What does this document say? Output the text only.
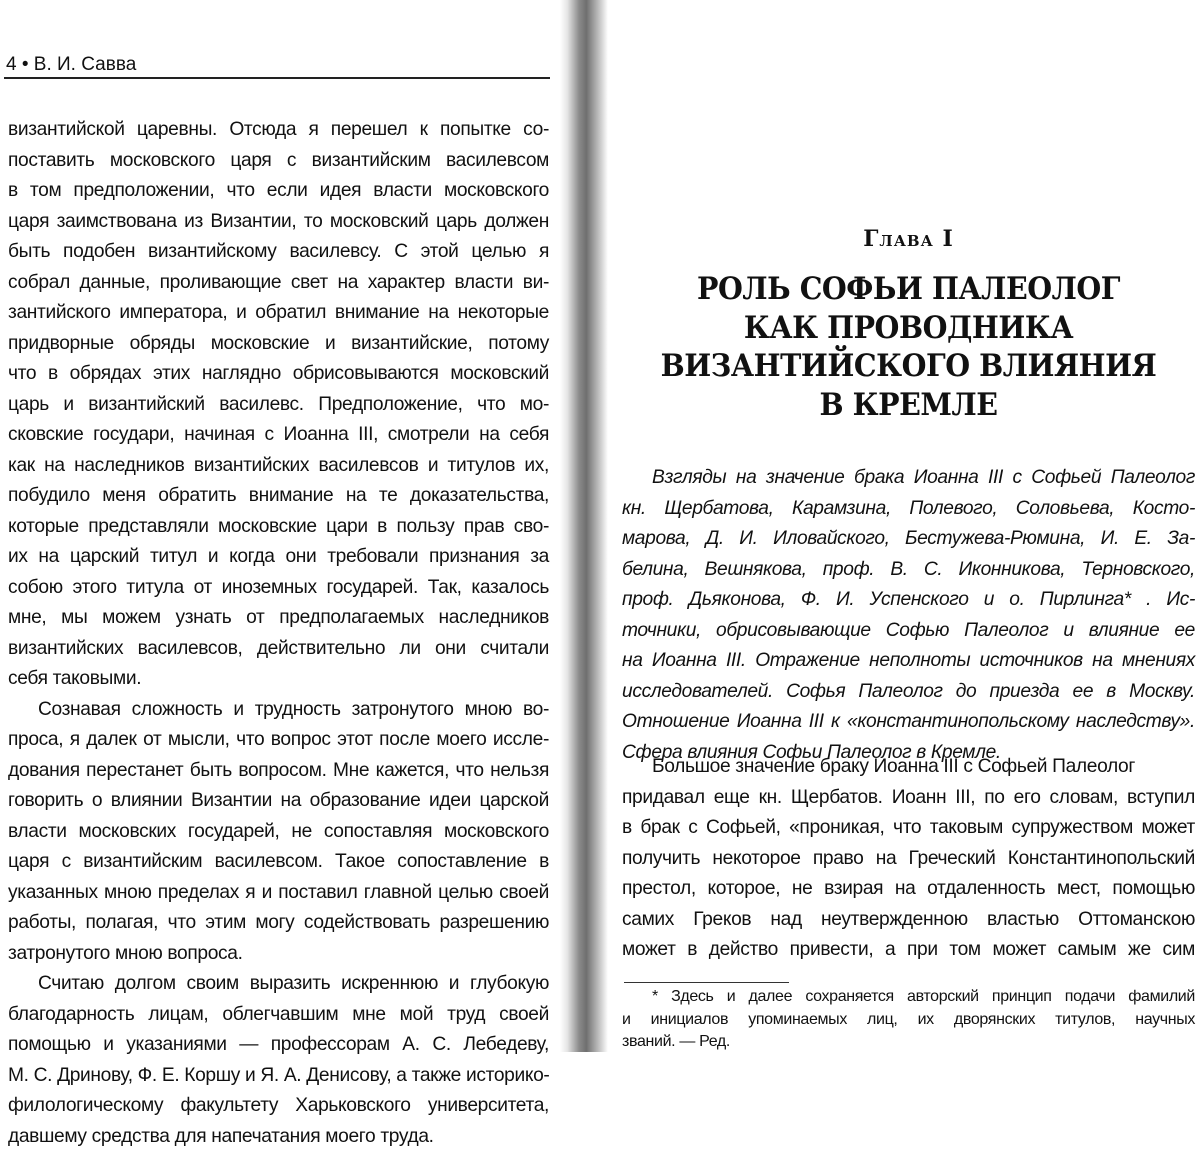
4 • В. И. Савва
византийской царевны. Отсюда я перешел к попытке со-
поставить московского царя с византийским василевсом
в том предположении, что если идея власти московского
царя заимствована из Византии, то московский царь должен
быть подобен византийскому василевсу. С этой целью я
собрал данные, проливающие свет на характер власти ви-
зантийского императора, и обратил внимание на некоторые
придворные обряды московские и византийские, потому
что в обрядах этих наглядно обрисовываются московский
царь и византийский василевс. Предположение, что мо-
сковские государи, начиная с Иоанна III, смотрели на себя
как на наследников византийских василевсов и титулов их,
побудило меня обратить внимание на те доказательства,
которые представляли московские цари в пользу прав сво-
их на царский титул и когда они требовали признания за
собою этого титула от иноземных государей. Так, казалось
мне, мы можем узнать от предполагаемых наследников
византийских василевсов, действительно ли они считали
себя таковыми.
Сознавая сложность и трудность затронутого мною во-
проса, я далек от мысли, что вопрос этот после моего иссле-
дования перестанет быть вопросом. Мне кажется, что нельзя
говорить о влиянии Византии на образование идеи царской
власти московских государей, не сопоставляя московского
царя с византийским василевсом. Такое сопоставление в
указанных мною пределах я и поставил главной целью своей
работы, полагая, что этим могу содействовать разрешению
затронутого мною вопроса.
Считаю долгом своим выразить искреннюю и глубокую
благодарность лицам, облегчавшим мне мой труд своей
помощью и указаниями — профессорам А. С. Лебедеву,
М. С. Дринову, Ф. Е. Коршу и Я. А. Денисову, а также историко-
филологическому факультету Харьковского университета,
давшему средства для напечатания моего труда.
Глава I
РОЛЬ СОФЬИ ПАЛЕОЛОГ
КАК ПРОВОДНИКА
ВИЗАНТИЙСКОГО ВЛИЯНИЯ
В КРЕМЛЕ
Взгляды на значение брака Иоанна III с Софьей Палеолог
кн. Щербатова, Карамзина, Полевого, Соловьева, Косто-
марова, Д. И. Иловайского, Бестужева-Рюмина, И. Е. За-
белина, Вешнякова, проф. В. С. Иконникова, Терновского,
проф. Дьяконова, Ф. И. Успенского и о. Пирлинга* . Ис-
точники, обрисовывающие Софью Палеолог и влияние ее
на Иоанна III. Отражение неполноты источников на мнениях
исследователей. Софья Палеолог до приезда ее в Москву.
Отношение Иоанна III к «константинопольскому наследству».
Сфера влияния Софьи Палеолог в Кремле.
Большое значение браку Иоанна III с Софьей Палеолог
придавал еще кн. Щербатов. Иоанн III, по его словам, вступил
в брак с Софьей, «проникая, что таковым супружеством может
получить некоторое право на Греческий Константинопольский
престол, которое, не взирая на отдаленность мест, помощью
самих Греков над неутвержденною властью Оттоманскою
может в действо привести, а при том может самым же сим
* Здесь и далее сохраняется авторский принцип подачи фамилий
и инициалов упоминаемых лиц, их дворянских титулов, научных
званий. — Ред.
